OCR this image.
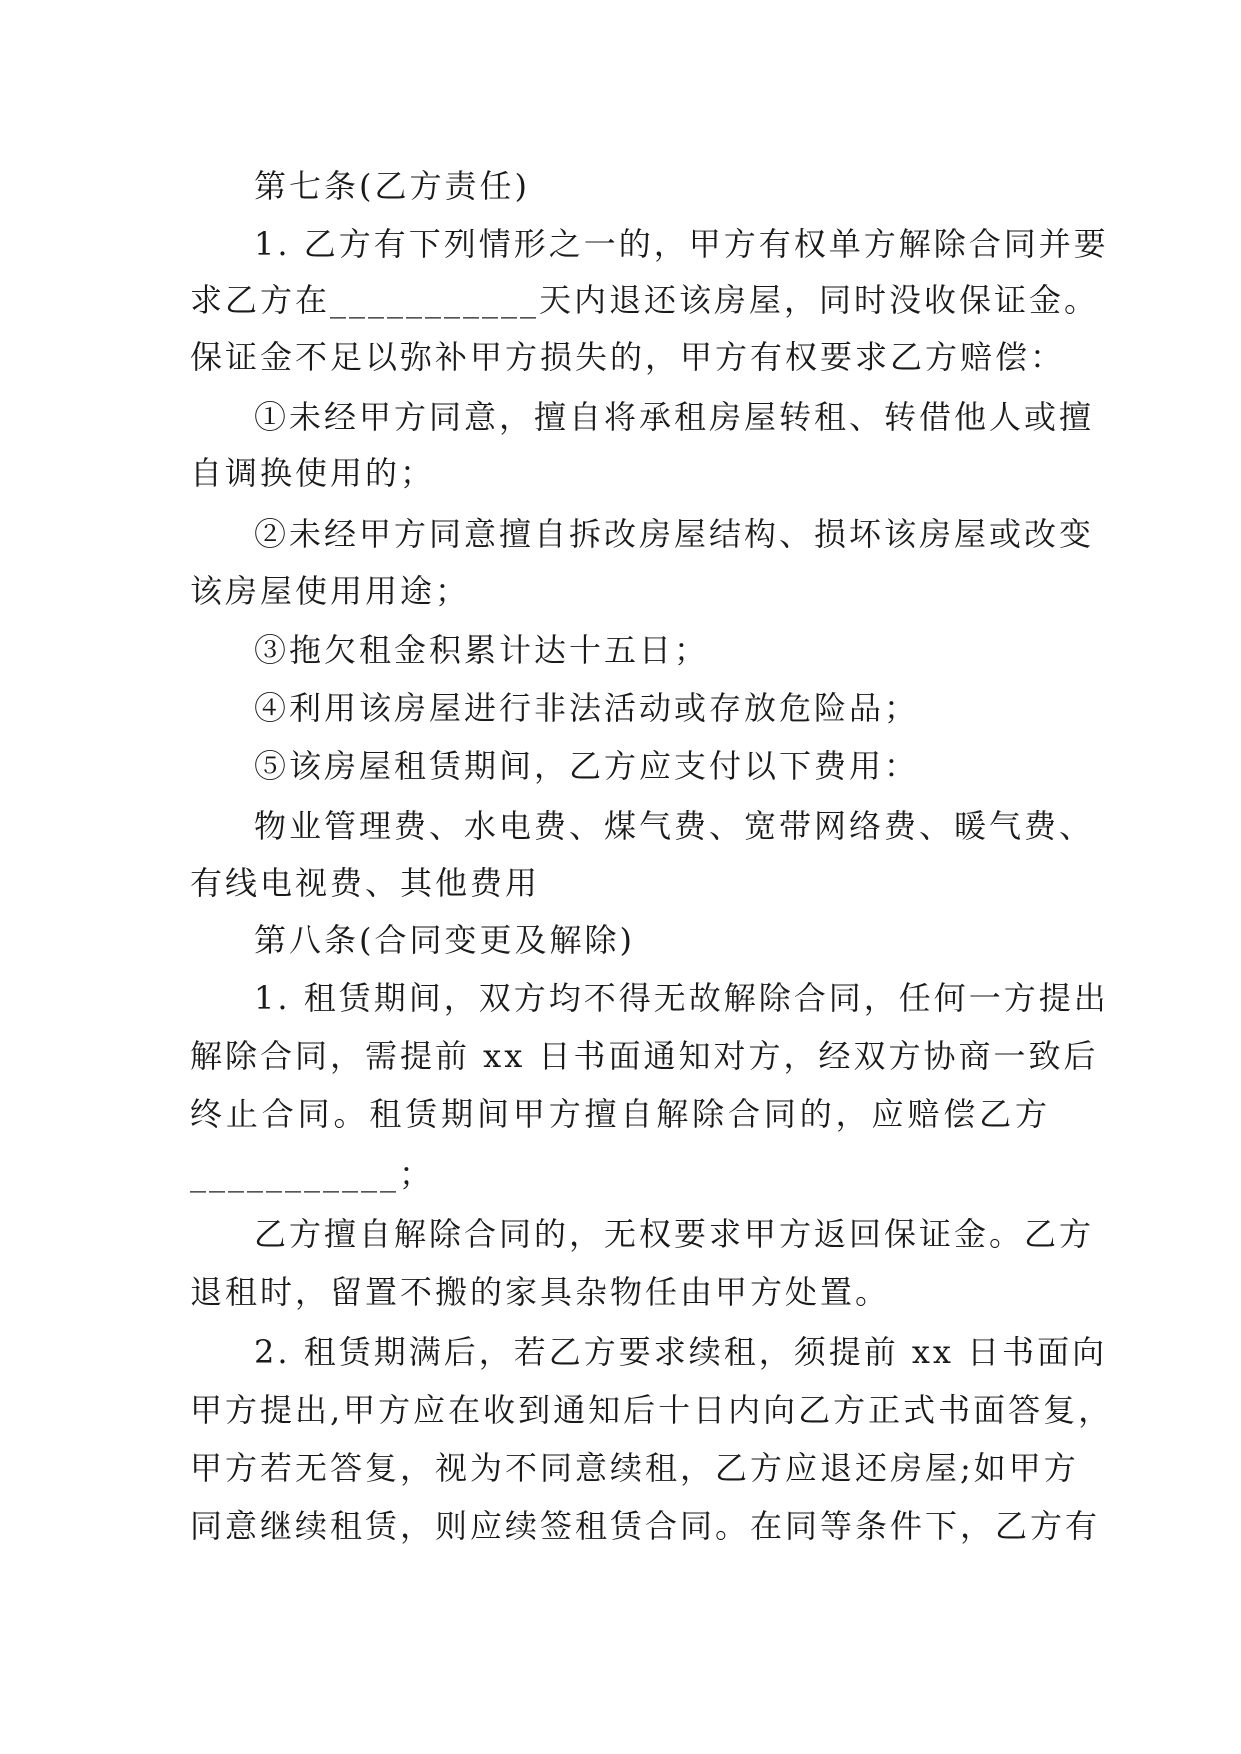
第七条(乙方责任)
1. 乙方有下列情形之一的，甲方有权单方解除合同并要
求乙方在___________天内退还该房屋，同时没收保证金。
保证金不足以弥补甲方损失的，甲方有权要求乙方赔偿：
①未经甲方同意，擅自将承租房屋转租、转借他人或擅
自调换使用的；
②未经甲方同意擅自拆改房屋结构、损坏该房屋或改变
该房屋使用用途；
③拖欠租金积累计达十五日；
④利用该房屋进行非法活动或存放危险品；
⑤该房屋租赁期间，乙方应支付以下费用：
物业管理费、水电费、煤气费、宽带网络费、暖气费、
有线电视费、其他费用
第八条(合同变更及解除)
1. 租赁期间，双方均不得无故解除合同，任何一方提出
解除合同，需提前 xx 日书面通知对方，经双方协商一致后
终止合同。租赁期间甲方擅自解除合同的，应赔偿乙方
___________；
乙方擅自解除合同的，无权要求甲方返回保证金。乙方
退租时，留置不搬的家具杂物任由甲方处置。
2. 租赁期满后，若乙方要求续租，须提前 xx 日书面向
甲方提出,甲方应在收到通知后十日内向乙方正式书面答复，
甲方若无答复，视为不同意续租，乙方应退还房屋;如甲方
同意继续租赁，则应续签租赁合同。在同等条件下，乙方有
